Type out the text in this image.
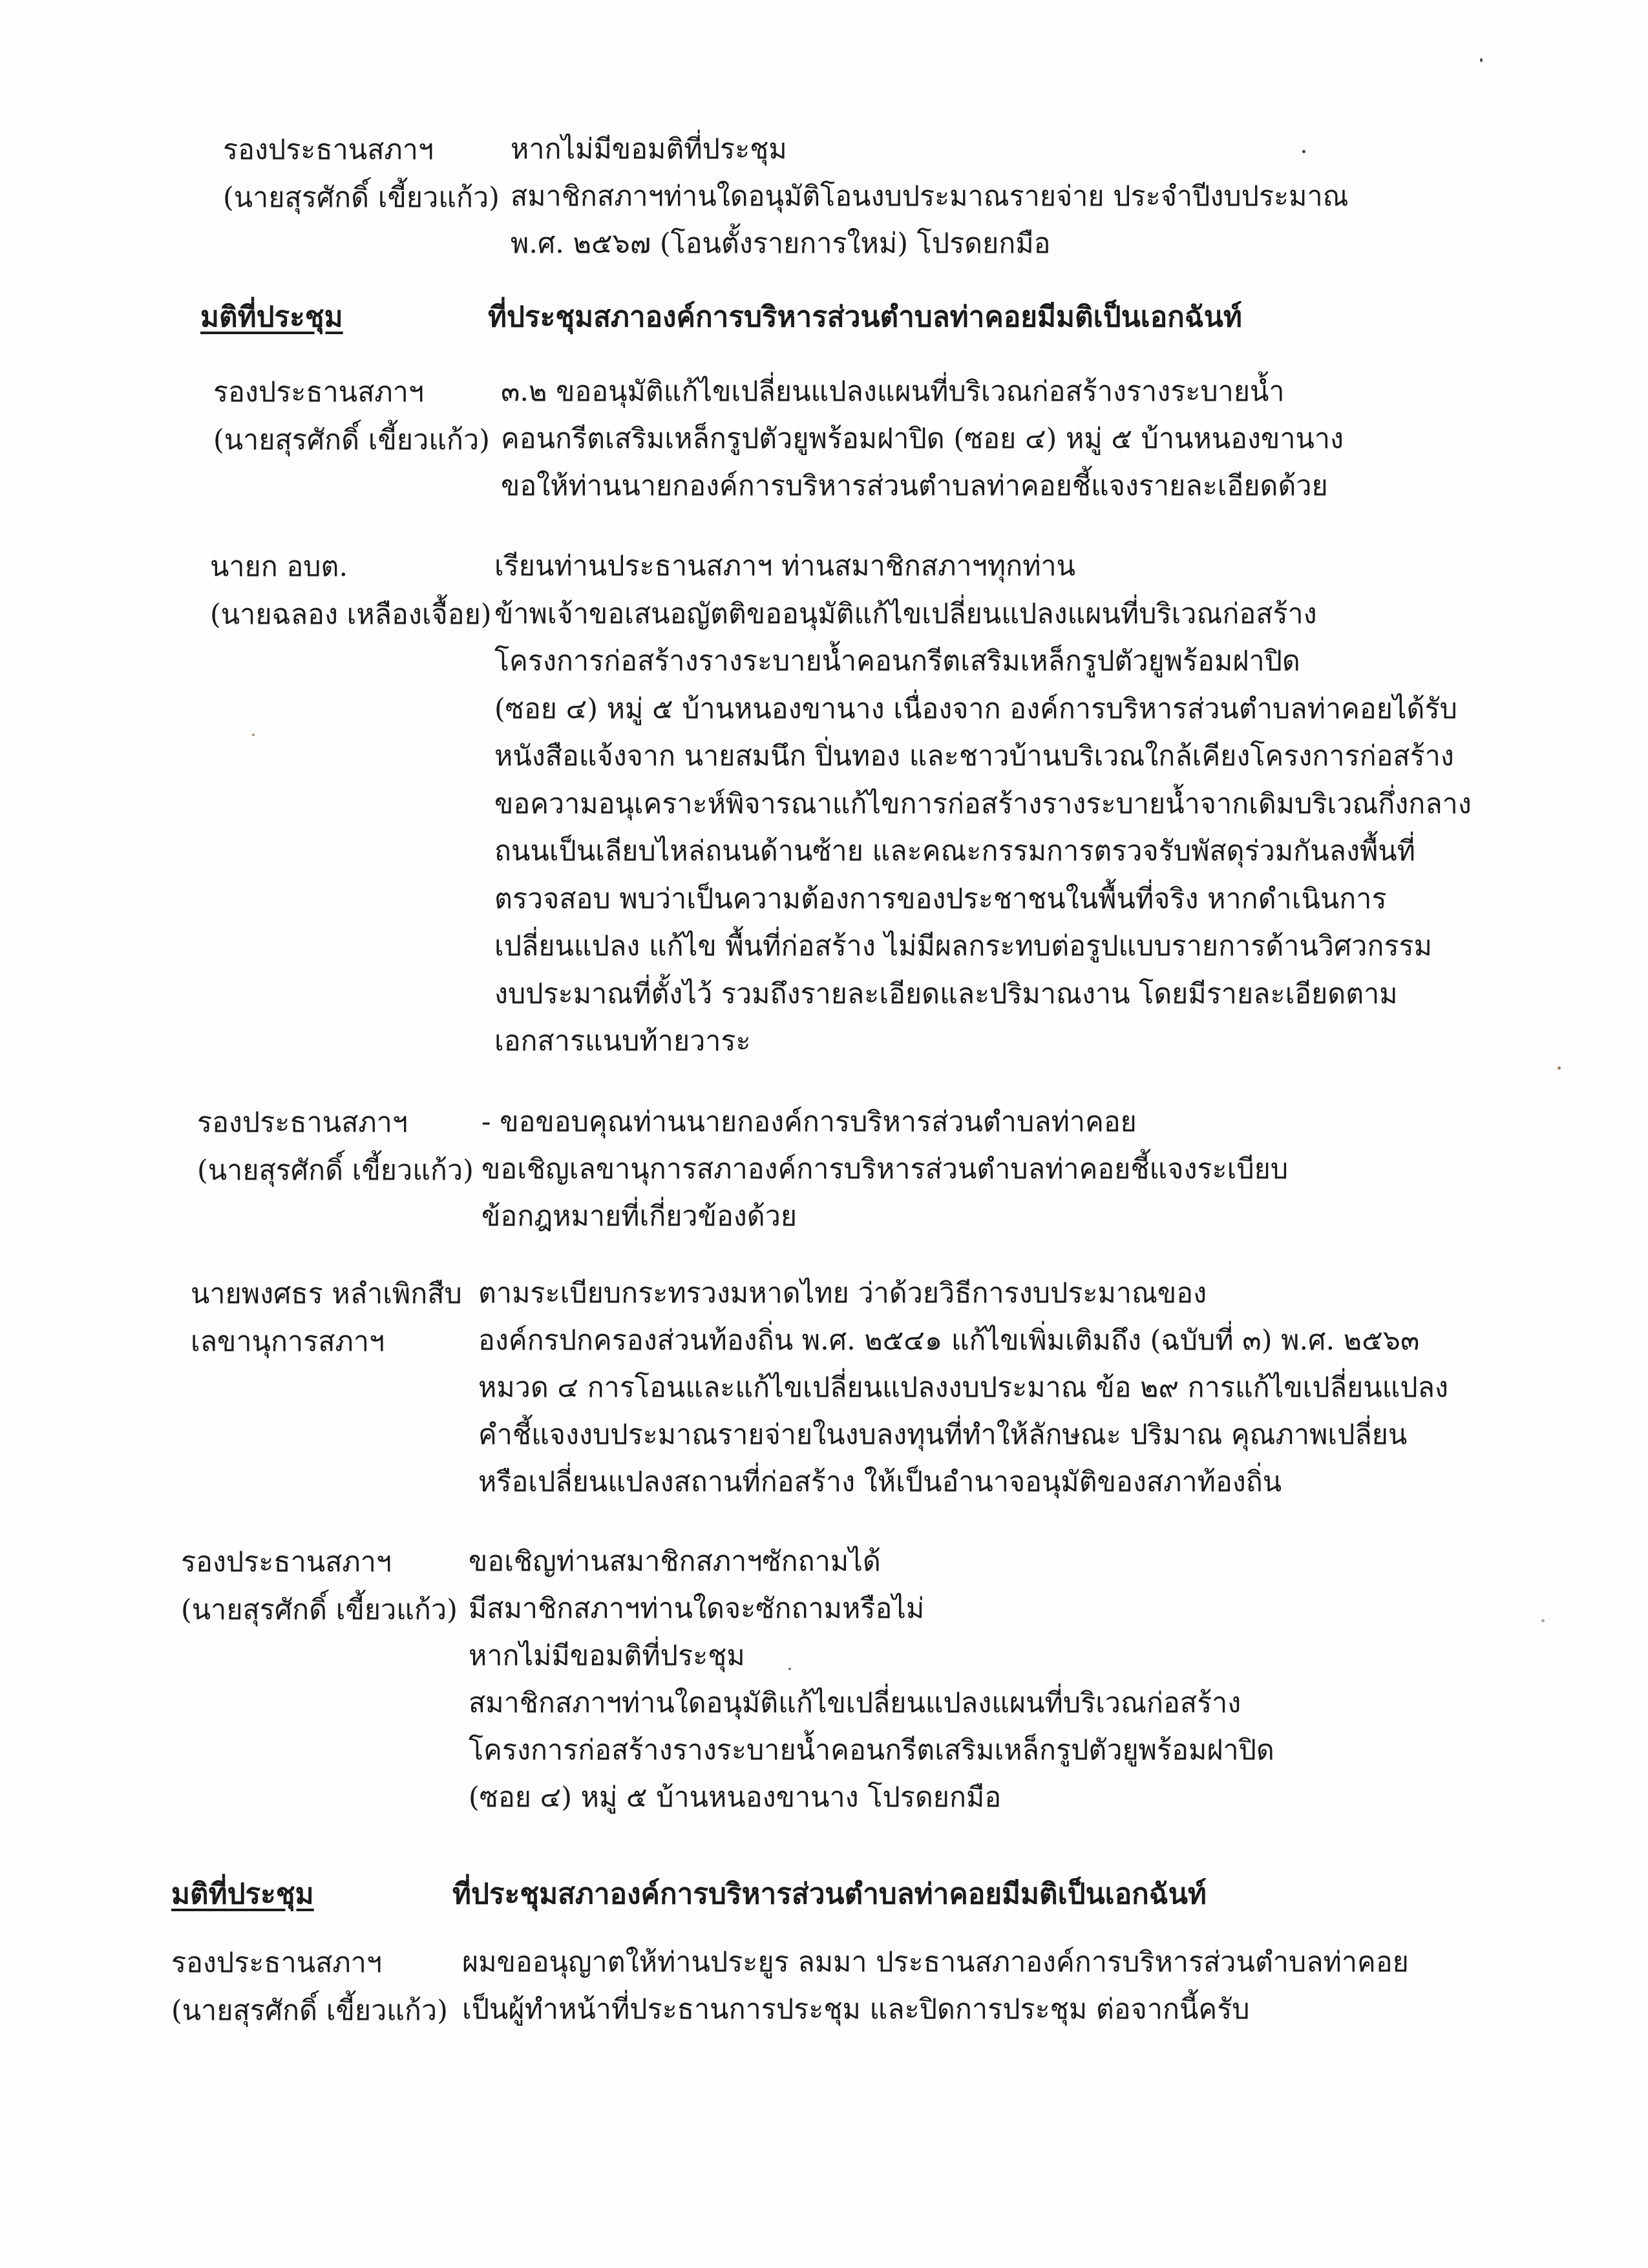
รองประธานสภาฯ
(นายสุรศักดิ์ เขี้ยวแก้ว)
หากไม่มีขอมติที่ประชุม
สมาชิกสภาฯท่านใดอนุมัติโอนงบประมาณรายจ่าย ประจำปีงบประมาณ
พ.ศ. ๒๕๖๗ (โอนตั้งรายการใหม่) โปรดยกมือ
มติที่ประชุม	ที่ประชุมสภาองค์การบริหารส่วนตำบลท่าคอยมีมติเป็นเอกฉันท์
รองประธานสภาฯ
(นายสุรศักดิ์ เขี้ยวแก้ว)
๓.๒ ขออนุมัติแก้ไขเปลี่ยนแปลงแผนที่บริเวณก่อสร้างรางระบายน้ำ
คอนกรีตเสริมเหล็กรูปตัวยูพร้อมฝาปิด (ซอย ๔) หมู่ ๕ บ้านหนองขานาง
ขอให้ท่านนายกองค์การบริหารส่วนตำบลท่าคอยชี้แจงรายละเอียดด้วย
นายก อบต.
(นายฉลอง เหลืองเจื้อย)
เรียนท่านประธานสภาฯ ท่านสมาชิกสภาฯทุกท่าน
ข้าพเจ้าขอเสนอญัตติขออนุมัติแก้ไขเปลี่ยนแปลงแผนที่บริเวณก่อสร้าง
โครงการก่อสร้างรางระบายน้ำคอนกรีตเสริมเหล็กรูปตัวยูพร้อมฝาปิด
(ซอย ๔) หมู่ ๕ บ้านหนองขานาง เนื่องจาก องค์การบริหารส่วนตำบลท่าคอยได้รับ
หนังสือแจ้งจาก นายสมนึก ปิ่นทอง และชาวบ้านบริเวณใกล้เคียงโครงการก่อสร้าง
ขอความอนุเคราะห์พิจารณาแก้ไขการก่อสร้างรางระบายน้ำจากเดิมบริเวณกึ่งกลาง
ถนนเป็นเลียบไหล่ถนนด้านซ้าย และคณะกรรมการตรวจรับพัสดุร่วมกันลงพื้นที่
ตรวจสอบ พบว่าเป็นความต้องการของประชาชนในพื้นที่จริง หากดำเนินการ
เปลี่ยนแปลง แก้ไข พื้นที่ก่อสร้าง ไม่มีผลกระทบต่อรูปแบบรายการด้านวิศวกรรม
งบประมาณที่ตั้งไว้ รวมถึงรายละเอียดและปริมาณงาน โดยมีรายละเอียดตาม
เอกสารแนบท้ายวาระ
รองประธานสภาฯ
(นายสุรศักดิ์ เขี้ยวแก้ว)
- ขอขอบคุณท่านนายกองค์การบริหารส่วนตำบลท่าคอย
ขอเชิญเลขานุการสภาองค์การบริหารส่วนตำบลท่าคอยชี้แจงระเบียบ
ข้อกฎหมายที่เกี่ยวข้องด้วย
นายพงศธร หลำเพิกสืบ
เลขานุการสภาฯ
ตามระเบียบกระทรวงมหาดไทย ว่าด้วยวิธีการงบประมาณของ
องค์กรปกครองส่วนท้องถิ่น พ.ศ. ๒๕๔๑ แก้ไขเพิ่มเติมถึง (ฉบับที่ ๓) พ.ศ. ๒๕๖๓
หมวด ๔ การโอนและแก้ไขเปลี่ยนแปลงงบประมาณ ข้อ ๒๙ การแก้ไขเปลี่ยนแปลง
คำชี้แจงงบประมาณรายจ่ายในงบลงทุนที่ทำให้ลักษณะ ปริมาณ คุณภาพเปลี่ยน
หรือเปลี่ยนแปลงสถานที่ก่อสร้าง ให้เป็นอำนาจอนุมัติของสภาท้องถิ่น
รองประธานสภาฯ
(นายสุรศักดิ์ เขี้ยวแก้ว)
ขอเชิญท่านสมาชิกสภาฯซักถามได้
มีสมาชิกสภาฯท่านใดจะซักถามหรือไม่
หากไม่มีขอมติที่ประชุม
สมาชิกสภาฯท่านใดอนุมัติแก้ไขเปลี่ยนแปลงแผนที่บริเวณก่อสร้าง
โครงการก่อสร้างรางระบายน้ำคอนกรีตเสริมเหล็กรูปตัวยูพร้อมฝาปิด
(ซอย ๔) หมู่ ๕ บ้านหนองขานาง โปรดยกมือ
มติที่ประชุม	ที่ประชุมสภาองค์การบริหารส่วนตำบลท่าคอยมีมติเป็นเอกฉันท์
รองประธานสภาฯ
(นายสุรศักดิ์ เขี้ยวแก้ว)
ผมขออนุญาตให้ท่านประยูร ลมมา ประธานสภาองค์การบริหารส่วนตำบลท่าคอย
เป็นผู้ทำหน้าที่ประธานการประชุม และปิดการประชุม ต่อจากนี้ครับ
